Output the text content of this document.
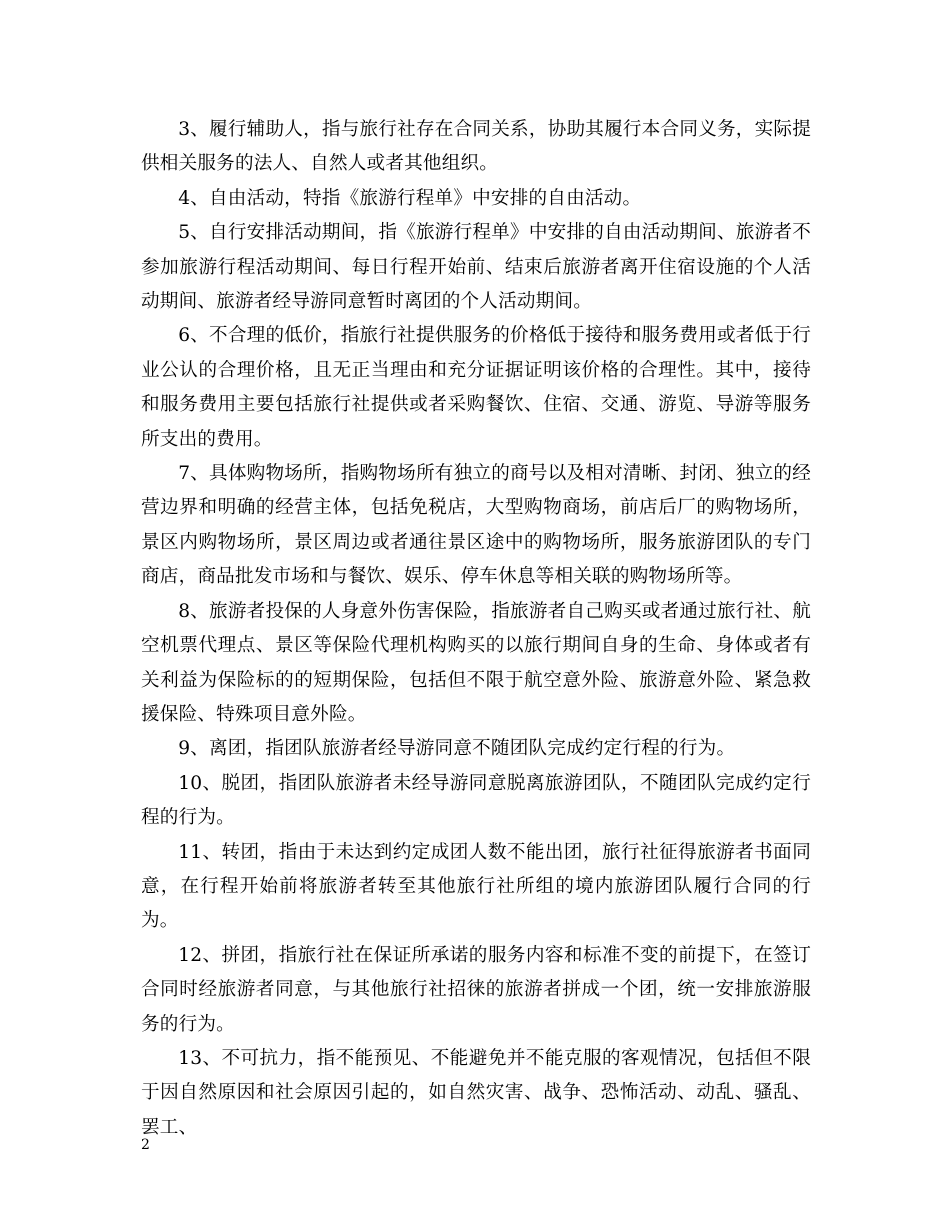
3、履行辅助人，指与旅行社存在合同关系，协助其履行本合同义务，实际提供相关服务的法人、自然人或者其他组织。

4、自由活动，特指《旅游行程单》中安排的自由活动。

5、自行安排活动期间，指《旅游行程单》中安排的自由活动期间、旅游者不参加旅游行程活动期间、每日行程开始前、结束后旅游者离开住宿设施的个人活动期间、旅游者经导游同意暂时离团的个人活动期间。

6、不合理的低价，指旅行社提供服务的价格低于接待和服务费用或者低于行业公认的合理价格，且无正当理由和充分证据证明该价格的合理性。其中，接待和服务费用主要包括旅行社提供或者采购餐饮、住宿、交通、游览、导游等服务所支出的费用。

7、具体购物场所，指购物场所有独立的商号以及相对清晰、封闭、独立的经营边界和明确的经营主体，包括免税店，大型购物商场，前店后厂的购物场所，景区内购物场所，景区周边或者通往景区途中的购物场所，服务旅游团队的专门商店，商品批发市场和与餐饮、娱乐、停车休息等相关联的购物场所等。

8、旅游者投保的人身意外伤害保险，指旅游者自己购买或者通过旅行社、航空机票代理点、景区等保险代理机构购买的以旅行期间自身的生命、身体或者有关利益为保险标的的短期保险，包括但不限于航空意外险、旅游意外险、紧急救援保险、特殊项目意外险。

9、离团，指团队旅游者经导游同意不随团队完成约定行程的行为。

10、脱团，指团队旅游者未经导游同意脱离旅游团队，不随团队完成约定行程的行为。

11、转团，指由于未达到约定成团人数不能出团，旅行社征得旅游者书面同意，在行程开始前将旅游者转至其他旅行社所组的境内旅游团队履行合同的行为。

12、拼团，指旅行社在保证所承诺的服务内容和标准不变的前提下，在签订合同时经旅游者同意，与其他旅行社招徕的旅游者拼成一个团，统一安排旅游服务的行为。

13、不可抗力，指不能预见、不能避免并不能克服的客观情况，包括但不限于因自然原因和社会原因引起的，如自然灾害、战争、恐怖活动、动乱、骚乱、罢工、

2
